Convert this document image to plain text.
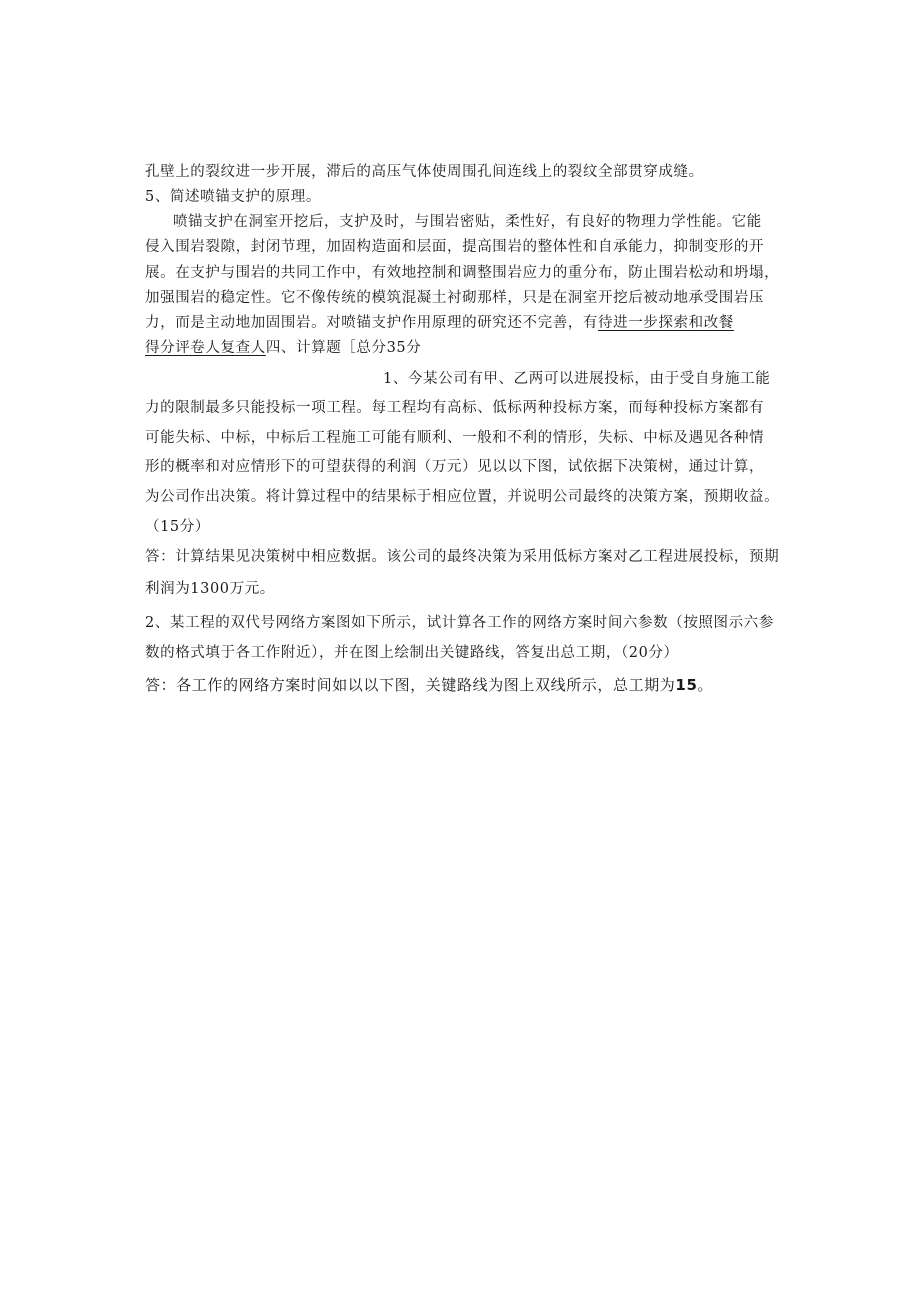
孔壁上的裂纹进一步开展，滞后的高压气体使周围孔间连线上的裂纹全部贯穿成缝。
5、简述喷锚支护的原理。
喷锚支护在洞室开挖后，支护及时，与围岩密贴，柔性好，有良好的物理力学性能。它能
侵入围岩裂隙，封闭节理，加固构造面和层面，提高围岩的整体性和自承能力，抑制变形的开
展。在支护与围岩的共同工作中，有效地控制和调整围岩应力的重分布，防止围岩松动和坍塌，
加强围岩的稳定性。它不像传统的模筑混凝土衬砌那样，只是在洞室开挖后被动地承受围岩压
力，而是主动地加固围岩。对喷锚支护作用原理的研究还不完善，有待进一步探索和改餐
得分评卷人复查人四、计算题［总分35分
1、今某公司有甲、乙两可以进展投标，由于受自身施工能
力的限制最多只能投标一项工程。每工程均有高标、低标两种投标方案，而每种投标方案都有
可能失标、中标，中标后工程施工可能有顺利、一般和不利的情形，失标、中标及遇见各种情
形的概率和对应情形下的可望获得的利润（万元）见以以下图，试依据下决策树，通过计算，
为公司作出决策。将计算过程中的结果标于相应位置，并说明公司最终的决策方案，预期收益。
（15分）
答：计算结果见决策树中相应数据。该公司的最终决策为采用低标方案对乙工程进展投标，预期
利润为1300万元。
2、某工程的双代号网络方案图如下所示，试计算各工作的网络方案时间六参数（按照图示六参
数的格式填于各工作附近），并在图上绘制出关键路线，答复出总工期，（20分）
答：各工作的网络方案时间如以以下图，关键路线为图上双线所示，总工期为15。
